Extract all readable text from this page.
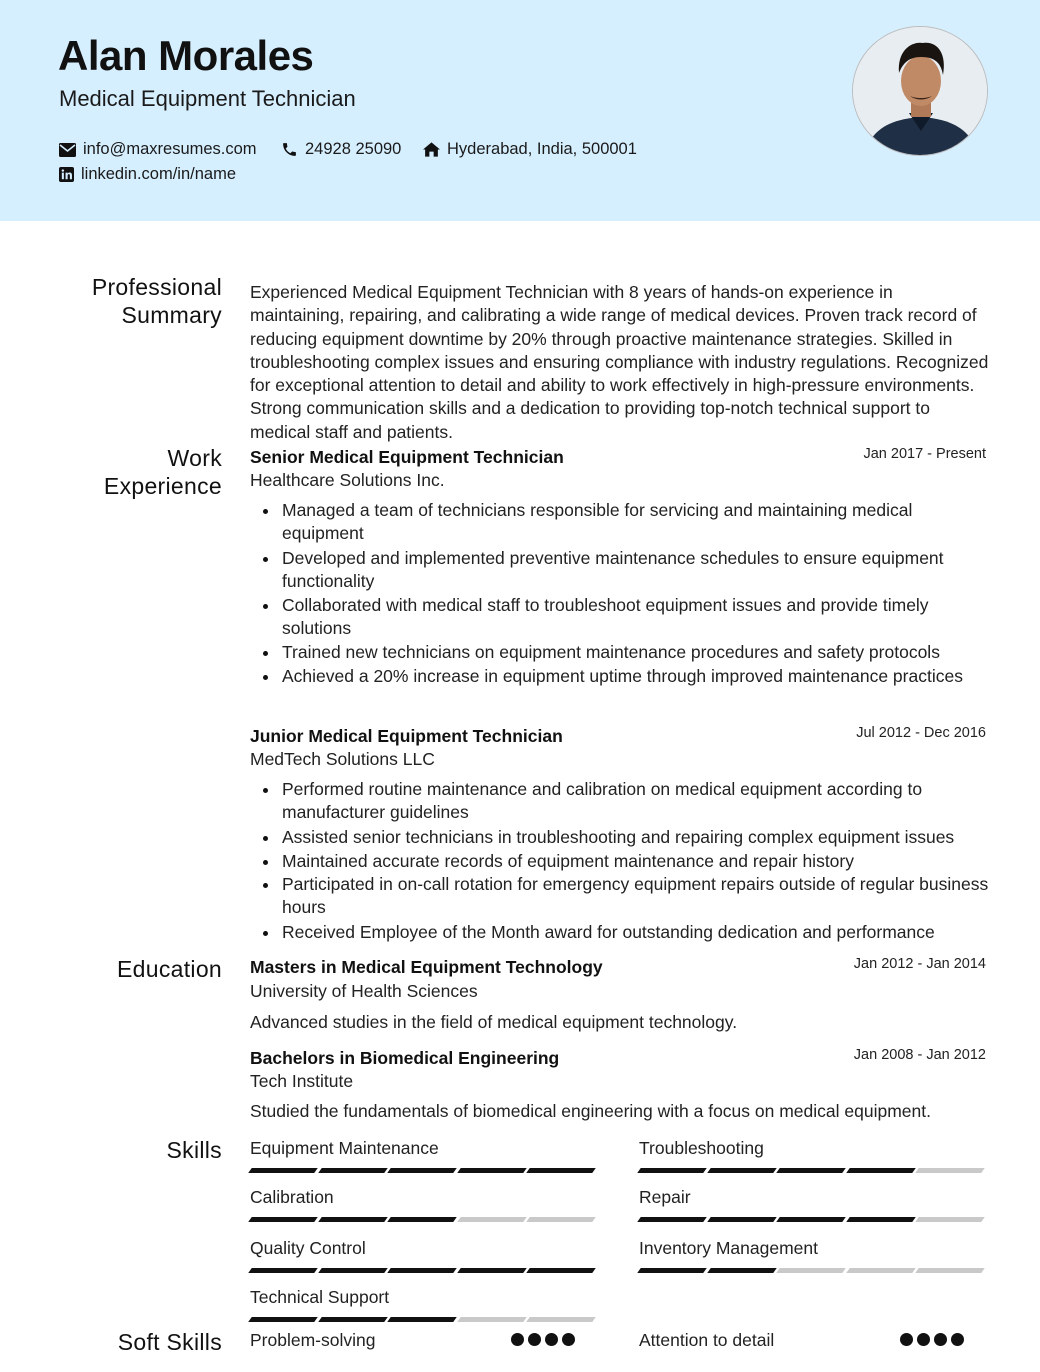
Alan Morales
Medical Equipment Technician
info@maxresumes.com	24928 25090	Hyderabad, India, 500001
linkedin.com/in/name
Professional Summary
Work Experience
Education
Skills
Soft Skills
Experienced Medical Equipment Technician with 8 years of hands-on experience in maintaining, repairing, and calibrating a wide range of medical devices. Proven track record of reducing equipment downtime by 20% through proactive maintenance strategies. Skilled in troubleshooting complex issues and ensuring compliance with industry regulations. Recognized for exceptional attention to detail and ability to work effectively in high-pressure environments. Strong communication skills and a dedication to providing top-notch technical support to medical staff and patients.
Senior Medical Equipment Technician	Jan 2017 - Present
Healthcare Solutions Inc.
Managed a team of technicians responsible for servicing and maintaining medical equipment
Developed and implemented preventive maintenance schedules to ensure equipment functionality
Collaborated with medical staff to troubleshoot equipment issues and provide timely solutions
Trained new technicians on equipment maintenance procedures and safety protocols
Achieved a 20% increase in equipment uptime through improved maintenance practices
Junior Medical Equipment Technician	Jul 2012 - Dec 2016
MedTech Solutions LLC
Performed routine maintenance and calibration on medical equipment according to manufacturer guidelines
Assisted senior technicians in troubleshooting and repairing complex equipment issues
Maintained accurate records of equipment maintenance and repair history
Participated in on-call rotation for emergency equipment repairs outside of regular business hours
Received Employee of the Month award for outstanding dedication and performance
Masters in Medical Equipment Technology	Jan 2012 - Jan 2014
University of Health Sciences
Advanced studies in the field of medical equipment technology.
Bachelors in Biomedical Engineering	Jan 2008 - Jan 2012
Tech Institute
Studied the fundamentals of biomedical engineering with a focus on medical equipment.
Equipment Maintenance	Troubleshooting
Calibration	Repair
Quality Control	Inventory Management
Technical Support
Problem-solving	Attention to detail
